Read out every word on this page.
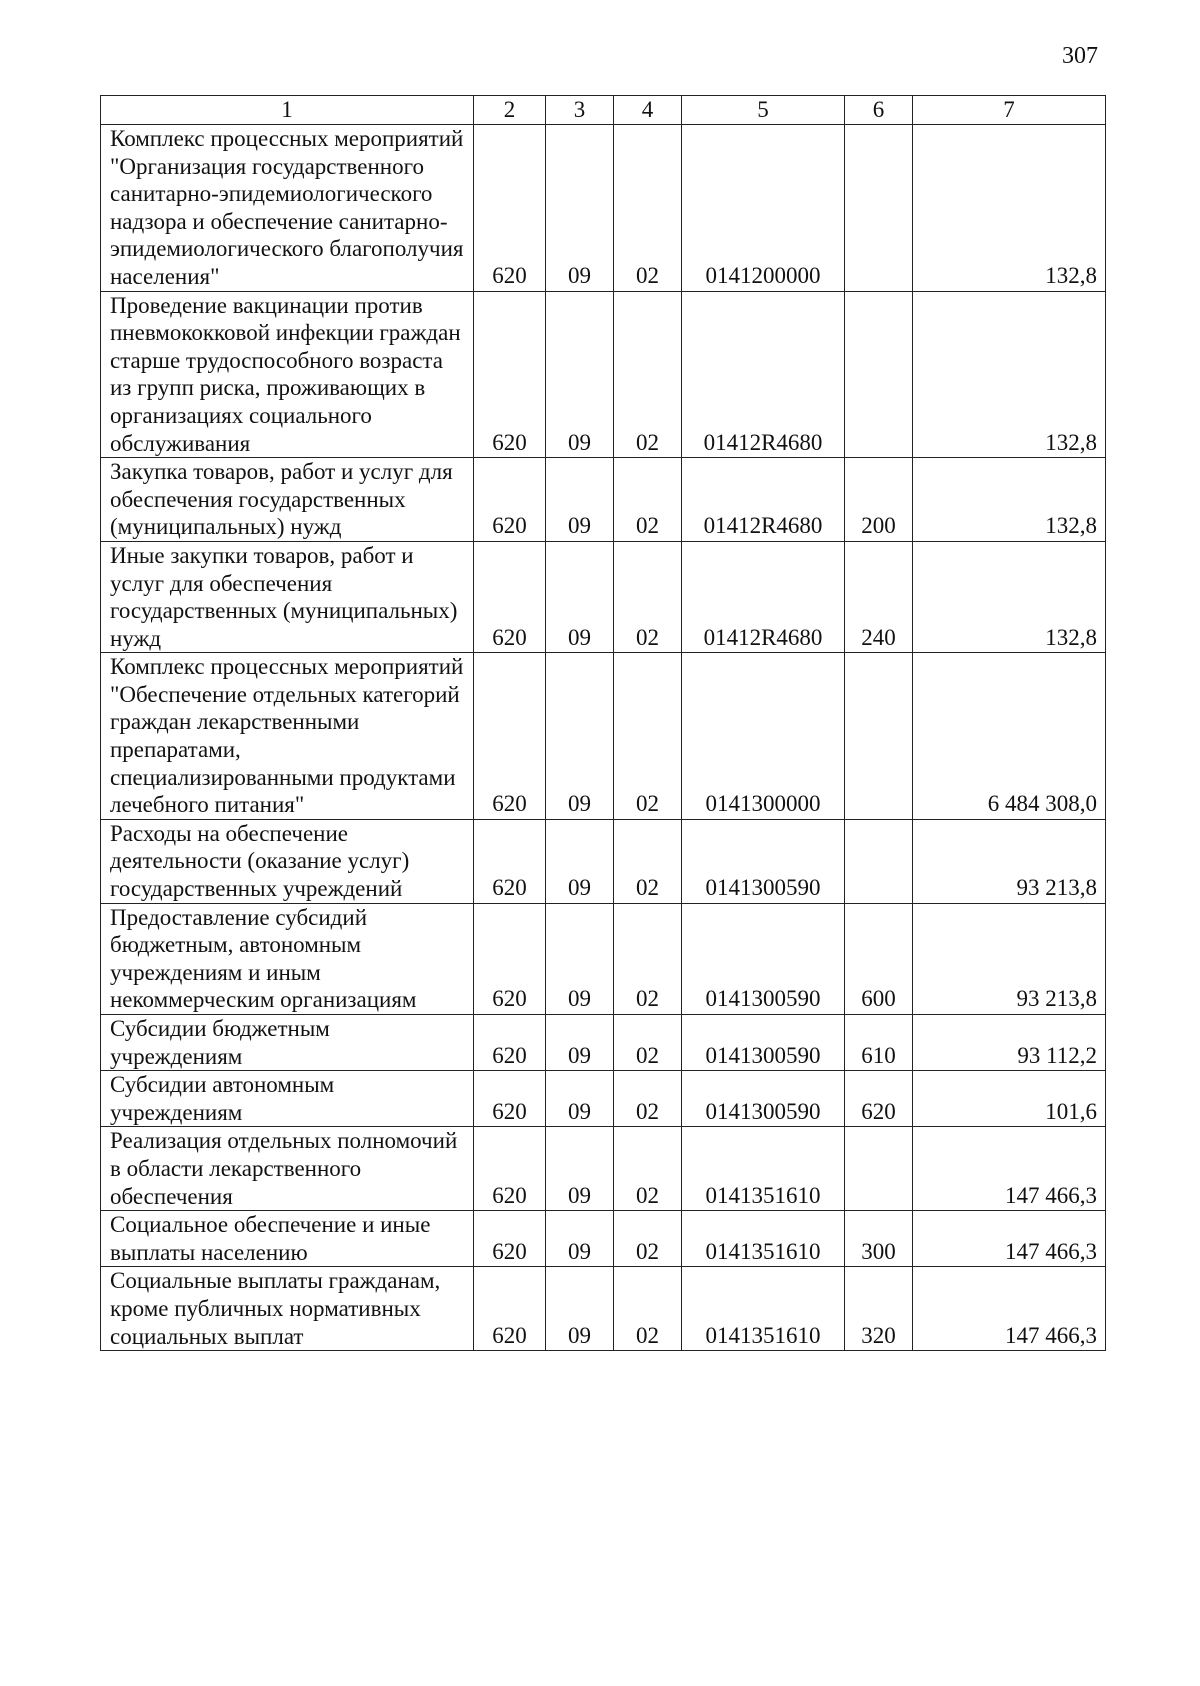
307
1	2	3	4	5	6	7
Комплекс процессных мероприятий "Организация государственного санитарно-эпидемиологического надзора и обеспечение санитарно-эпидемиологического благополучия населения"	620	09	02	0141200000		132,8
Проведение вакцинации против пневмококковой инфекции граждан старше трудоспособного возраста из групп риска, проживающих в организациях социального обслуживания	620	09	02	01412R4680		132,8
Закупка товаров, работ и услуг для обеспечения государственных (муниципальных) нужд	620	09	02	01412R4680	200	132,8
Иные закупки товаров, работ и услуг для обеспечения государственных (муниципальных) нужд	620	09	02	01412R4680	240	132,8
Комплекс процессных мероприятий "Обеспечение отдельных категорий граждан лекарственными препаратами, специализированными продуктами лечебного питания"	620	09	02	0141300000		6 484 308,0
Расходы на обеспечение деятельности (оказание услуг) государственных учреждений	620	09	02	0141300590		93 213,8
Предоставление субсидий бюджетным, автономным учреждениям и иным некоммерческим организациям	620	09	02	0141300590	600	93 213,8
Субсидии бюджетным учреждениям	620	09	02	0141300590	610	93 112,2
Субсидии автономным учреждениям	620	09	02	0141300590	620	101,6
Реализация отдельных полномочий в области лекарственного обеспечения	620	09	02	0141351610		147 466,3
Социальное обеспечение и иные выплаты населению	620	09	02	0141351610	300	147 466,3
Социальные выплаты гражданам, кроме публичных нормативных социальных выплат	620	09	02	0141351610	320	147 466,3
